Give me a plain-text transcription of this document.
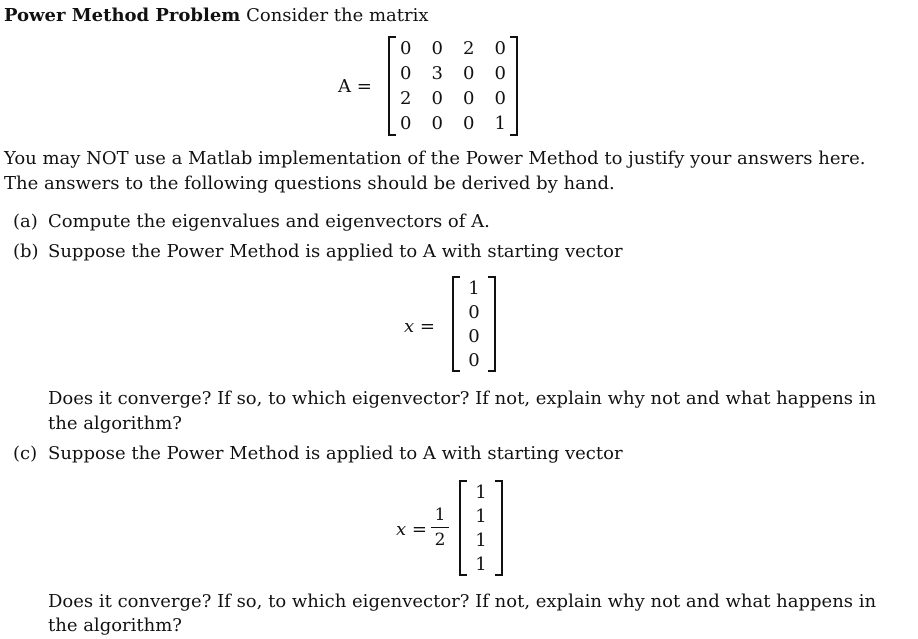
Power Method Problem Consider the matrix
A =
0	0	2	0
0	3	0	0
2	0	0	0
0	0	0	1
You may NOT use a Matlab implementation of the Power Method to justify your answers here.
The answers to the following questions should be derived by hand.
(a) Compute the eigenvalues and eigenvectors of A.
(b) Suppose the Power Method is applied to A with starting vector
x =
1
0
0
0
Does it converge? If so, to which eigenvector? If not, explain why not and what happens in
the algorithm?
(c) Suppose the Power Method is applied to A with starting vector
x =
1
2
1
1
1
1
Does it converge? If so, to which eigenvector? If not, explain why not and what happens in
the algorithm?
